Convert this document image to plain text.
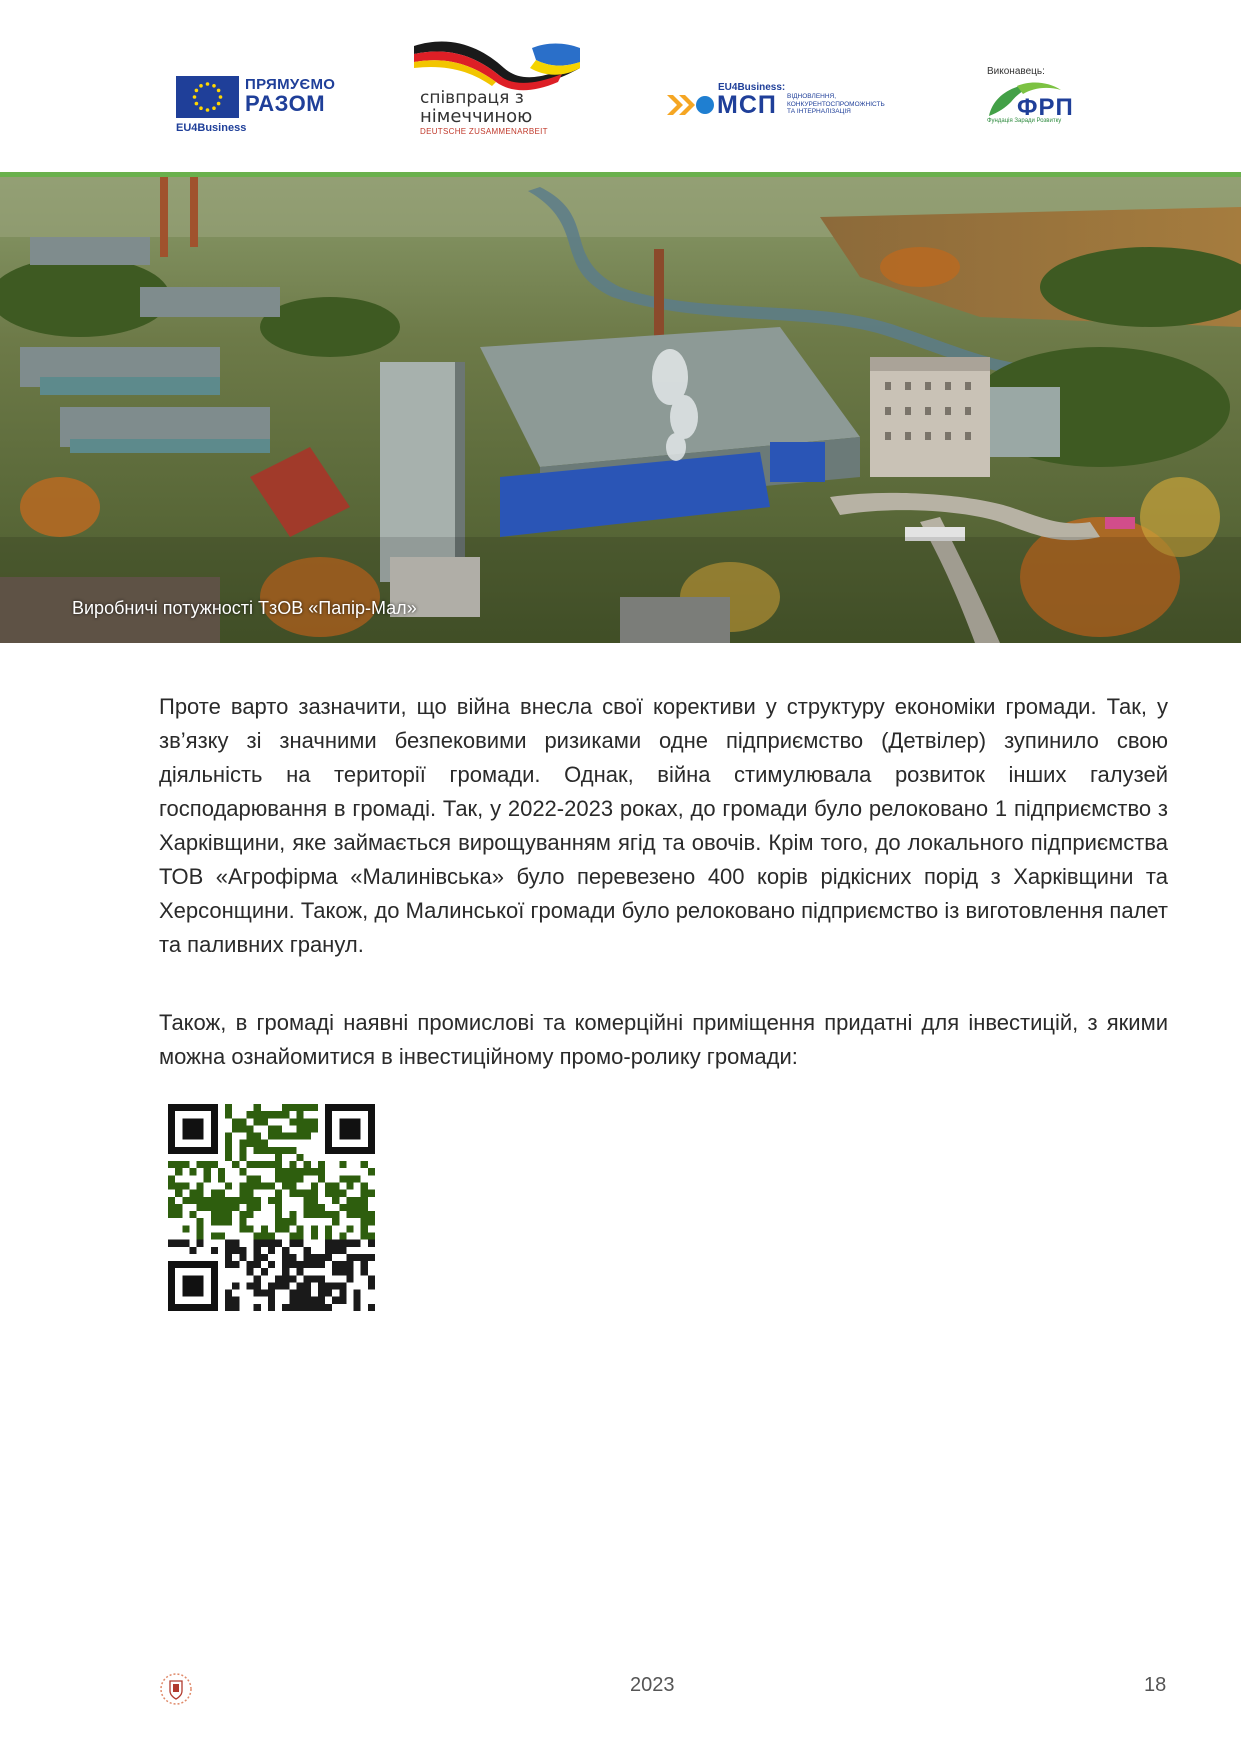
ПРЯМУЄМО
РАЗОМ
EU4Business
співпраця з
німеччиною
DEUTSCHE ZUSAMMENARBEIT
EU4Business:
МСП ВІДНОВЛЕННЯ,
КОНКУРЕНТОСПРОМОЖНІСТЬ
ТА ІНТЕРНАЛІЗАЦІЯ
Виконавець:
ФРП
Фундація Заради Розвитку
Виробничі потужності ТзОВ «Папір-Мал»

Проте варто зазначити, що війна внесла свої корективи у структуру економіки громади. Так, у зв’язку зі значними безпековими ризиками одне підприємство (Детвілер) зупинило свою діяльність на території громади. Однак, війна стимулювала розвиток інших галузей господарювання в громаді. Так, у 2022-2023 роках, до громади було релоковано 1 підприємство з Харківщини, яке займається вирощуванням ягід та овочів. Крім того, до локального підприємства ТОВ «Агрофірма «Малинівська» було перевезено 400 корів рідкісних порід з Харківщини та Херсонщини. Також, до Малинської громади було релоковано підприємство із виготовлення палет та паливних гранул.

Також, в громаді наявні промислові та комерційні приміщення придатні для інвестицій, з якими можна ознайомитися в інвестиційному промо-ролику громади:

2023	18
